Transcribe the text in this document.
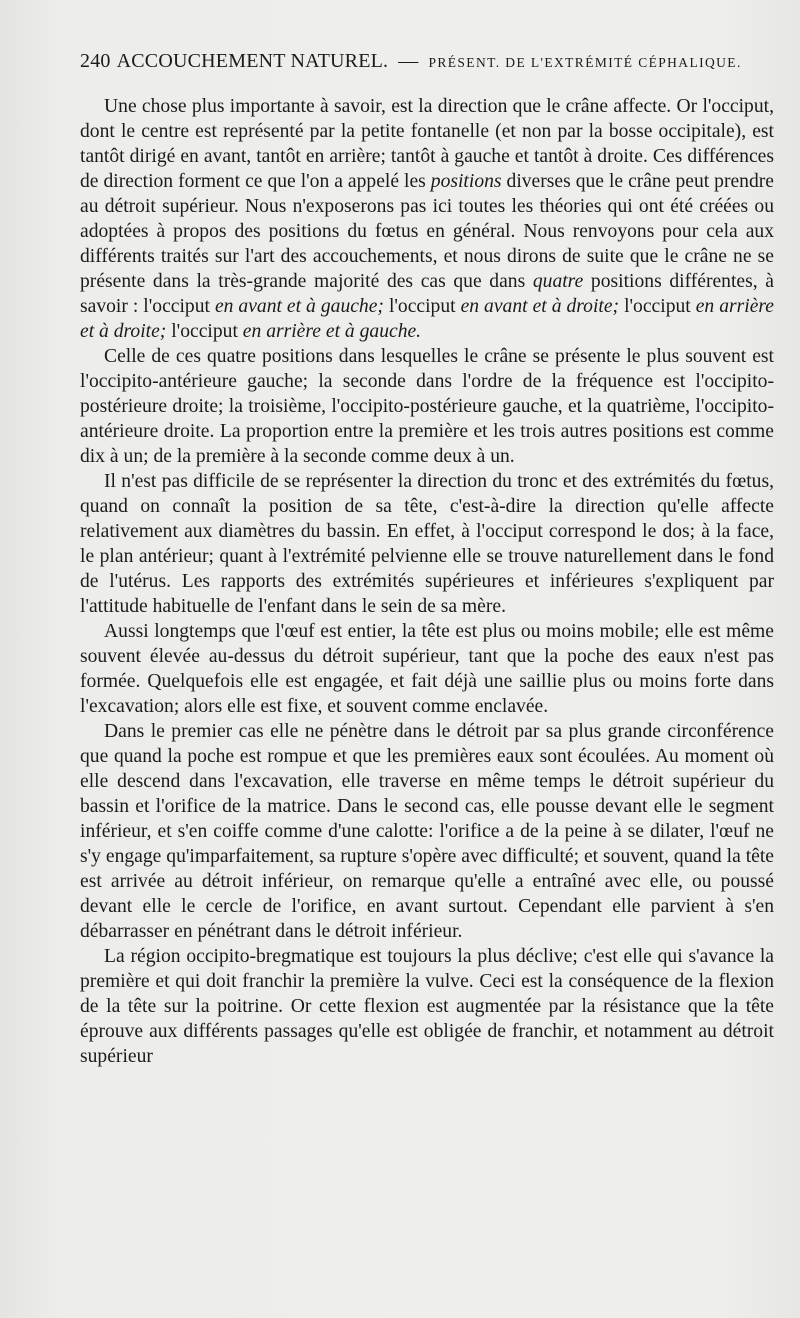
240 ACCOUCHEMENT NATUREL. — PRÉSENT. DE L'EXTRÉMITÉ CÉPHALIQUE.

Une chose plus importante à savoir, est la direction que le crâne affecte. Or l'occiput, dont le centre est représenté par la petite fontanelle (et non par la bosse occipitale), est tantôt dirigé en avant, tantôt en arrière; tantôt à gauche et tantôt à droite. Ces différences de direction forment ce que l'on a appelé les positions diverses que le crâne peut prendre au détroit supérieur. Nous n'exposerons pas ici toutes les théories qui ont été créées ou adoptées à propos des positions du fœtus en général. Nous renvoyons pour cela aux différents traités sur l'art des accouchements, et nous dirons de suite que le crâne ne se présente dans la très-grande majorité des cas que dans quatre positions différentes, à savoir : l'occiput en avant et à gauche; l'occiput en avant et à droite; l'occiput en arrière et à droite; l'occiput en arrière et à gauche.

Celle de ces quatre positions dans lesquelles le crâne se présente le plus souvent est l'occipito-antérieure gauche; la seconde dans l'ordre de la fréquence est l'occipito-postérieure droite; la troisième, l'occipito-postérieure gauche, et la quatrième, l'occipito-antérieure droite. La proportion entre la première et les trois autres positions est comme dix à un; de la première à la seconde comme deux à un.

Il n'est pas difficile de se représenter la direction du tronc et des extrémités du fœtus, quand on connaît la position de sa tête, c'est-à-dire la direction qu'elle affecte relativement aux diamètres du bassin. En effet, à l'occiput correspond le dos; à la face, le plan antérieur; quant à l'extrémité pelvienne elle se trouve naturellement dans le fond de l'utérus. Les rapports des extrémités supérieures et inférieures s'expliquent par l'attitude habituelle de l'enfant dans le sein de sa mère.

Aussi longtemps que l'œuf est entier, la tête est plus ou moins mobile; elle est même souvent élevée au-dessus du détroit supérieur, tant que la poche des eaux n'est pas formée. Quelquefois elle est engagée, et fait déjà une saillie plus ou moins forte dans l'excavation; alors elle est fixe, et souvent comme enclavée.

Dans le premier cas elle ne pénètre dans le détroit par sa plus grande circonférence que quand la poche est rompue et que les premières eaux sont écoulées. Au moment où elle descend dans l'excavation, elle traverse en même temps le détroit supérieur du bassin et l'orifice de la matrice. Dans le second cas, elle pousse devant elle le segment inférieur, et s'en coiffe comme d'une calotte: l'orifice a de la peine à se dilater, l'œuf ne s'y engage qu'imparfaitement, sa rupture s'opère avec difficulté; et souvent, quand la tête est arrivée au détroit inférieur, on remarque qu'elle a entraîné avec elle, ou poussé devant elle le cercle de l'orifice, en avant surtout. Cependant elle parvient à s'en débarrasser en pénétrant dans le détroit inférieur.

La région occipito-bregmatique est toujours la plus déclive; c'est elle qui s'avance la première et qui doit franchir la première la vulve. Ceci est la conséquence de la flexion de la tête sur la poitrine. Or cette flexion est augmentée par la résistance que la tête éprouve aux différents passages qu'elle est obligée de franchir, et notamment au détroit supérieur
